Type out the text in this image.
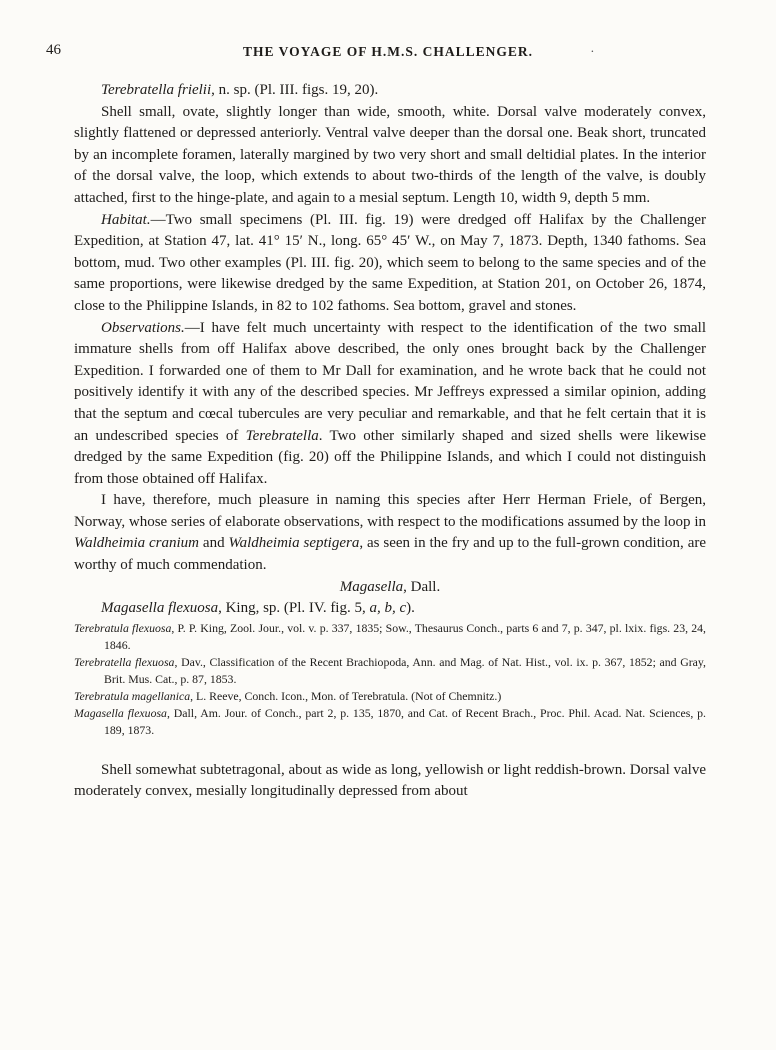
46	THE VOYAGE OF H.M.S. CHALLENGER.	.

Terebratella frielii, n. sp. (Pl. III. figs. 19, 20).

Shell small, ovate, slightly longer than wide, smooth, white. Dorsal valve moderately convex, slightly flattened or depressed anteriorly. Ventral valve deeper than the dorsal one. Beak short, truncated by an incomplete foramen, laterally margined by two very short and small deltidial plates. In the interior of the dorsal valve, the loop, which extends to about two-thirds of the length of the valve, is doubly attached, first to the hinge-plate, and again to a mesial septum. Length 10, width 9, depth 5 mm.

Habitat.—Two small specimens (Pl. III. fig. 19) were dredged off Halifax by the Challenger Expedition, at Station 47, lat. 41° 15′ N., long. 65° 45′ W., on May 7, 1873. Depth, 1340 fathoms. Sea bottom, mud. Two other examples (Pl. III. fig. 20), which seem to belong to the same species and of the same proportions, were likewise dredged by the same Expedition, at Station 201, on October 26, 1874, close to the Philippine Islands, in 82 to 102 fathoms. Sea bottom, gravel and stones.

Observations.—I have felt much uncertainty with respect to the identification of the two small immature shells from off Halifax above described, the only ones brought back by the Challenger Expedition. I forwarded one of them to Mr Dall for examination, and he wrote back that he could not positively identify it with any of the described species. Mr Jeffreys expressed a similar opinion, adding that the septum and cœcal tubercules are very peculiar and remarkable, and that he felt certain that it is an undescribed species of Terebratella. Two other similarly shaped and sized shells were likewise dredged by the same Expedition (fig. 20) off the Philippine Islands, and which I could not distinguish from those obtained off Halifax.

I have, therefore, much pleasure in naming this species after Herr Herman Friele, of Bergen, Norway, whose series of elaborate observations, with respect to the modifications assumed by the loop in Waldheimia cranium and Waldheimia septigera, as seen in the fry and up to the full-grown condition, are worthy of much commendation.

Magasella, Dall.

Magasella flexuosa, King, sp. (Pl. IV. fig. 5, a, b, c).

Terebratula flexuosa, P. P. King, Zool. Jour., vol. v. p. 337, 1835; Sow., Thesaurus Conch., parts 6 and 7, p. 347, pl. lxix. figs. 23, 24, 1846.

Terebratella flexuosa, Dav., Classification of the Recent Brachiopoda, Ann. and Mag. of Nat. Hist., vol. ix. p. 367, 1852; and Gray, Brit. Mus. Cat., p. 87, 1853.

Terebratula magellanica, L. Reeve, Conch. Icon., Mon. of Terebratula. (Not of Chemnitz.)

Magasella flexuosa, Dall, Am. Jour. of Conch., part 2, p. 135, 1870, and Cat. of Recent Brach., Proc. Phil. Acad. Nat. Sciences, p. 189, 1873.

Shell somewhat subtetragonal, about as wide as long, yellowish or light reddish-brown. Dorsal valve moderately convex, mesially longitudinally depressed from about
